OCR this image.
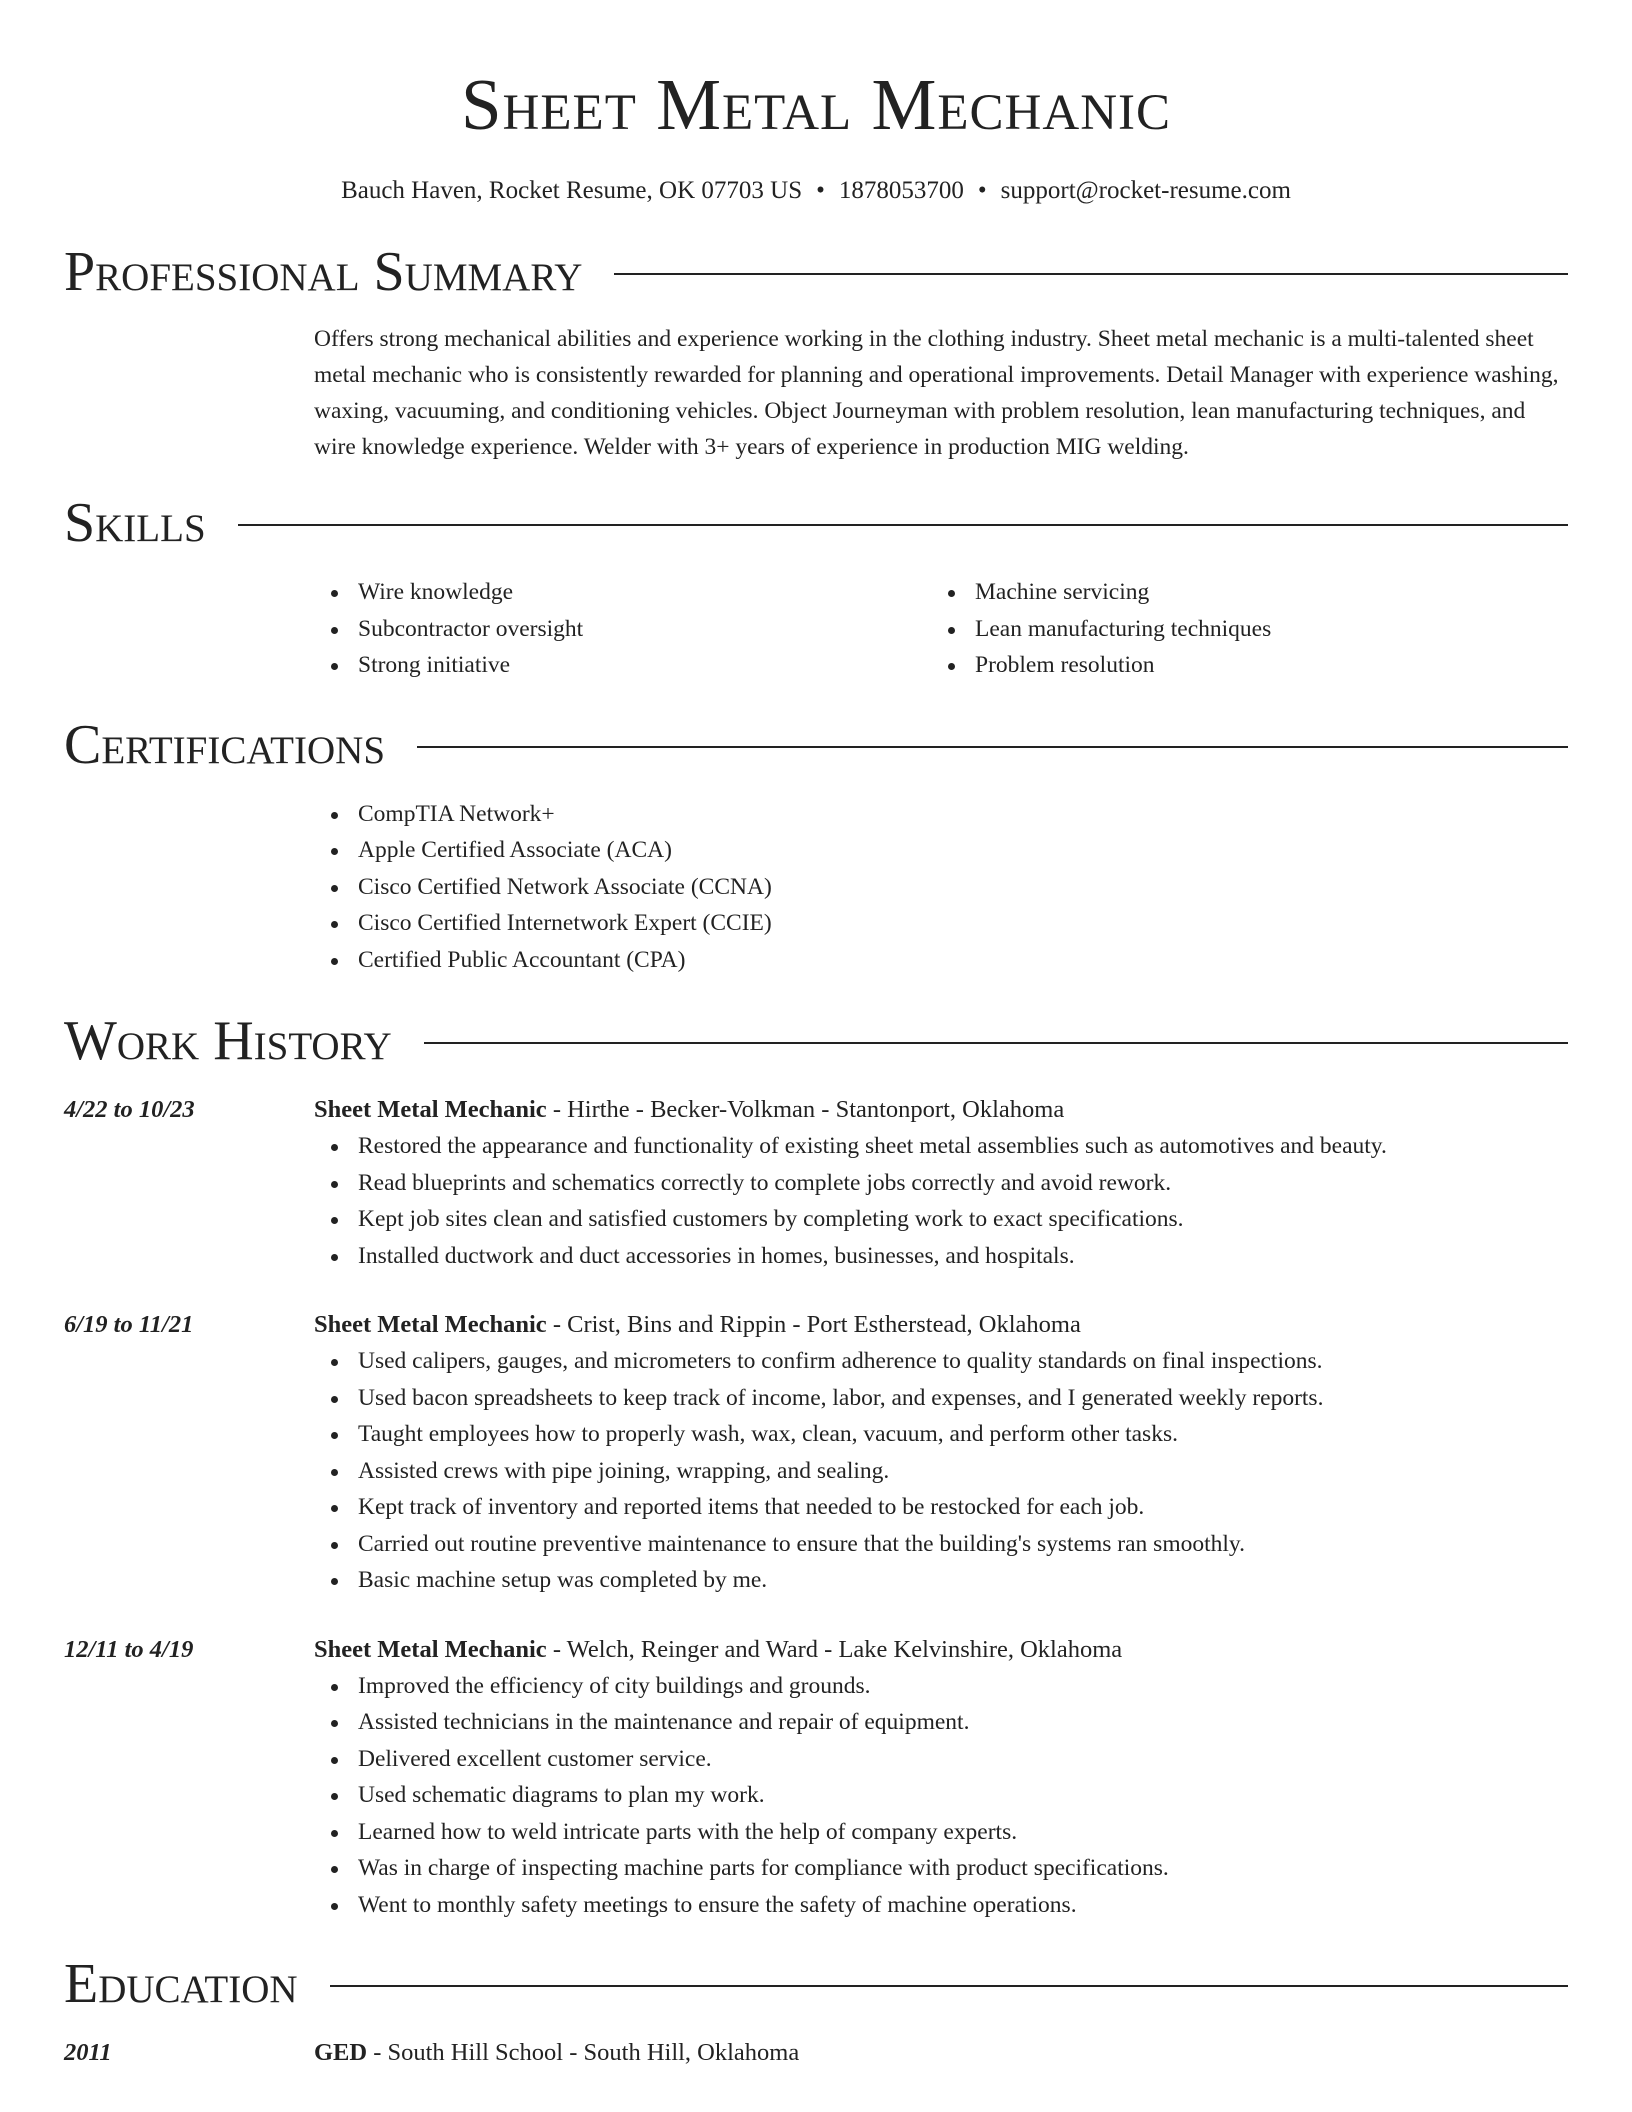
Sheet Metal Mechanic
Bauch Haven, Rocket Resume, OK 07703 US • 1878053700 • support@rocket-resume.com
Professional Summary

Offers strong mechanical abilities and experience working in the clothing industry. Sheet metal mechanic is a multi-talented sheet metal mechanic who is consistently rewarded for planning and operational improvements. Detail Manager with experience washing, waxing, vacuuming, and conditioning vehicles. Object Journeyman with problem resolution, lean manufacturing techniques, and wire knowledge experience. Welder with 3+ years of experience in production MIG welding.

Skills
Wire knowledge
Subcontractor oversight
Strong initiative
Machine servicing
Lean manufacturing techniques
Problem resolution
Certifications
CompTIA Network+
Apple Certified Associate (ACA)
Cisco Certified Network Associate (CCNA)
Cisco Certified Internetwork Expert (CCIE)
Certified Public Accountant (CPA)
Work History
4/22 to 10/23	Sheet Metal Mechanic - Hirthe - Becker-Volkman - Stantonport, Oklahoma
Restored the appearance and functionality of existing sheet metal assemblies such as automotives and beauty.
Read blueprints and schematics correctly to complete jobs correctly and avoid rework.
Kept job sites clean and satisfied customers by completing work to exact specifications.
Installed ductwork and duct accessories in homes, businesses, and hospitals.
6/19 to 11/21	Sheet Metal Mechanic - Crist, Bins and Rippin - Port Estherstead, Oklahoma
Used calipers, gauges, and micrometers to confirm adherence to quality standards on final inspections.
Used bacon spreadsheets to keep track of income, labor, and expenses, and I generated weekly reports.
Taught employees how to properly wash, wax, clean, vacuum, and perform other tasks.
Assisted crews with pipe joining, wrapping, and sealing.
Kept track of inventory and reported items that needed to be restocked for each job.
Carried out routine preventive maintenance to ensure that the building's systems ran smoothly.
Basic machine setup was completed by me.
12/11 to 4/19	Sheet Metal Mechanic - Welch, Reinger and Ward - Lake Kelvinshire, Oklahoma
Improved the efficiency of city buildings and grounds.
Assisted technicians in the maintenance and repair of equipment.
Delivered excellent customer service.
Used schematic diagrams to plan my work.
Learned how to weld intricate parts with the help of company experts.
Was in charge of inspecting machine parts for compliance with product specifications.
Went to monthly safety meetings to ensure the safety of machine operations.
Education
2011	GED - South Hill School - South Hill, Oklahoma
